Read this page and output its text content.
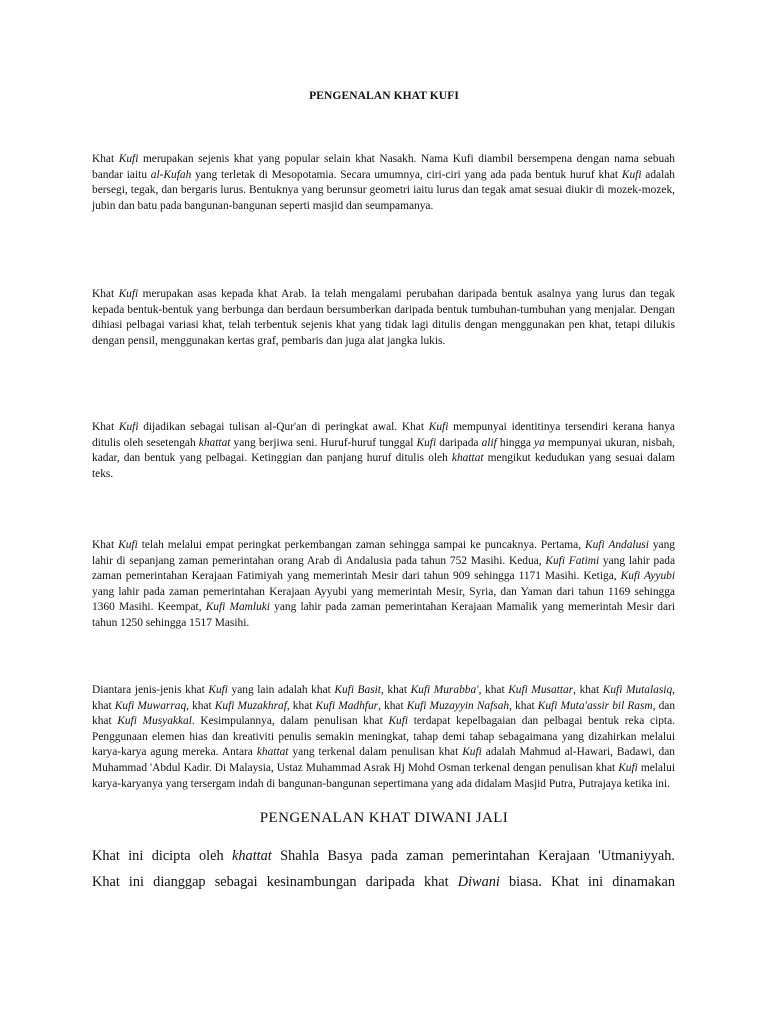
PENGENALAN KHAT KUFI
Khat Kufi merupakan sejenis khat yang popular selain khat Nasakh. Nama Kufi diambil bersempena dengan nama sebuah bandar iaitu al-Kufah yang terletak di Mesopotamia. Secara umumnya, ciri-ciri yang ada pada bentuk huruf khat Kufi adalah bersegi, tegak, dan bergaris lurus. Bentuknya yang berunsur geometri iaitu lurus dan tegak amat sesuai diukir di mozek-mozek, jubin dan batu pada bangunan-bangunan seperti masjid dan seumpamanya.
Khat Kufi merupakan asas kepada khat Arab. Ia telah mengalami perubahan daripada bentuk asalnya yang lurus dan tegak kepada bentuk-bentuk yang berbunga dan berdaun bersumberkan daripada bentuk tumbuhan-tumbuhan yang menjalar. Dengan dihiasi pelbagai variasi khat, telah terbentuk sejenis khat yang tidak lagi ditulis dengan menggunakan pen khat, tetapi dilukis dengan pensil, menggunakan kertas graf, pembaris dan juga alat jangka lukis.
Khat Kufi dijadikan sebagai tulisan al-Qur'an di peringkat awal. Khat Kufi mempunyai identitinya tersendiri kerana hanya ditulis oleh sesetengah khattat yang berjiwa seni. Huruf-huruf tunggal Kufi daripada alif hingga ya mempunyai ukuran, nisbah, kadar, dan bentuk yang pelbagai. Ketinggian dan panjang huruf ditulis oleh khattat mengikut kedudukan yang sesuai dalam teks.
Khat Kufi telah melalui empat peringkat perkembangan zaman sehingga sampai ke puncaknya. Pertama, Kufi Andalusi yang lahir di sepanjang zaman pemerintahan orang Arab di Andalusia pada tahun 752 Masihi. Kedua, Kufi Fatimi yang lahir pada zaman pemerintahan Kerajaan Fatimiyah yang memerintah Mesir dari tahun 909 sehingga 1171 Masihi. Ketiga, Kufi Ayyubi yang lahir pada zaman pemerintahan Kerajaan Ayyubi yang memerintah Mesir, Syria, dan Yaman dari tahun 1169 sehingga 1360 Masihi. Keempat, Kufi Mamluki yang lahir pada zaman pemerintahan Kerajaan Mamalik yang memerintah Mesir dari tahun 1250 sehingga 1517 Masihi.
Diantara jenis-jenis khat Kufi yang lain adalah khat Kufi Basit, khat Kufi Murabba', khat Kufi Musattar, khat Kufi Mutalasiq, khat Kufi Muwarraq, khat Kufi Muzakhraf, khat Kufi Madhfur, khat Kufi Muzayyin Nafsah, khat Kufi Muta'assir bil Rasm, dan khat Kufi Musyakkal. Kesimpulannya, dalam penulisan khat Kufi terdapat kepelbagaian dan pelbagai bentuk reka cipta. Penggunaan elemen hias dan kreativiti penulis semakin meningkat, tahap demi tahap sebagaimana yang dizahirkan melalui karya-karya agung mereka. Antara khattat yang terkenal dalam penulisan khat Kufi adalah Mahmud al-Hawari, Badawi, dan Muhammad 'Abdul Kadir. Di Malaysia, Ustaz Muhammad Asrak Hj Mohd Osman terkenal dengan penulisan khat Kufi melalui karya-karyanya yang tersergam indah di bangunan-bangunan sepertimana yang ada didalam Masjid Putra, Putrajaya ketika ini.
PENGENALAN KHAT DIWANI JALI
Khat ini dicipta oleh khattat Shahla Basya pada zaman pemerintahan Kerajaan 'Utmaniyyah.
Khat ini dianggap sebagai kesinambungan daripada khat Diwani biasa. Khat ini dinamakan
